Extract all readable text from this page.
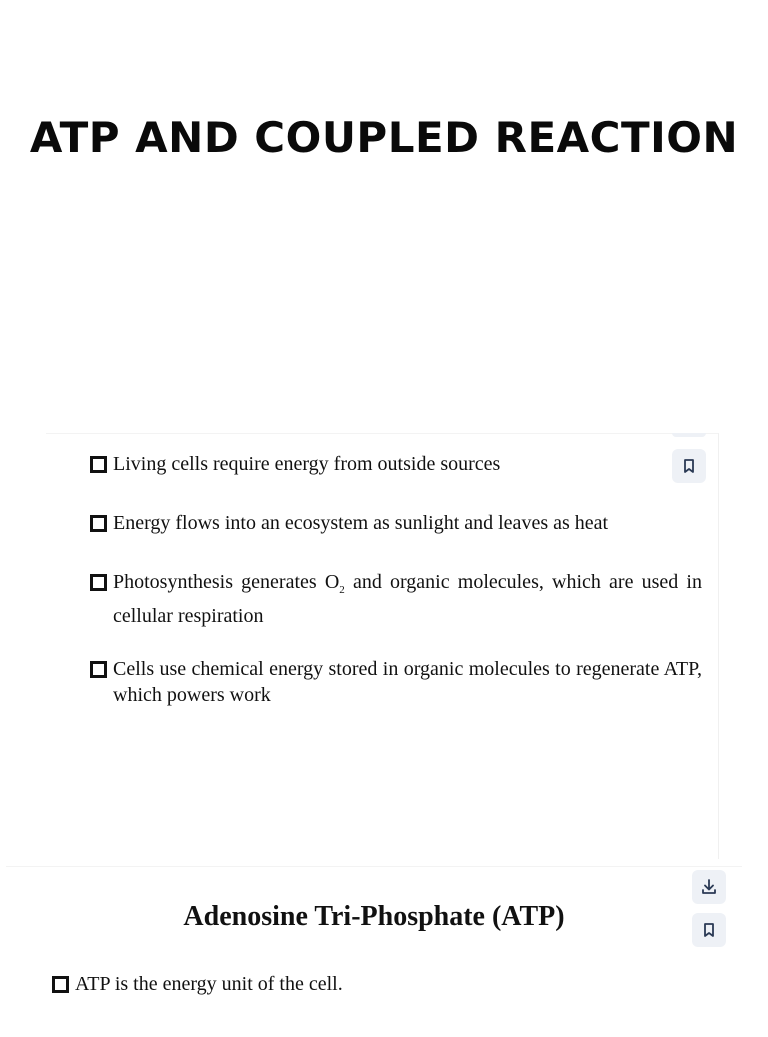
ATP AND COUPLED REACTION
Living cells require energy from outside sources
Energy flows into an ecosystem as sunlight and leaves as heat
Photosynthesis generates $O_2$ and organic molecules, which are used in cellular respiration
Cells use chemical energy stored in organic molecules to regenerate ATP, which powers work
Adenosine Tri-Phosphate (ATP)
ATP is the energy unit of the cell.
